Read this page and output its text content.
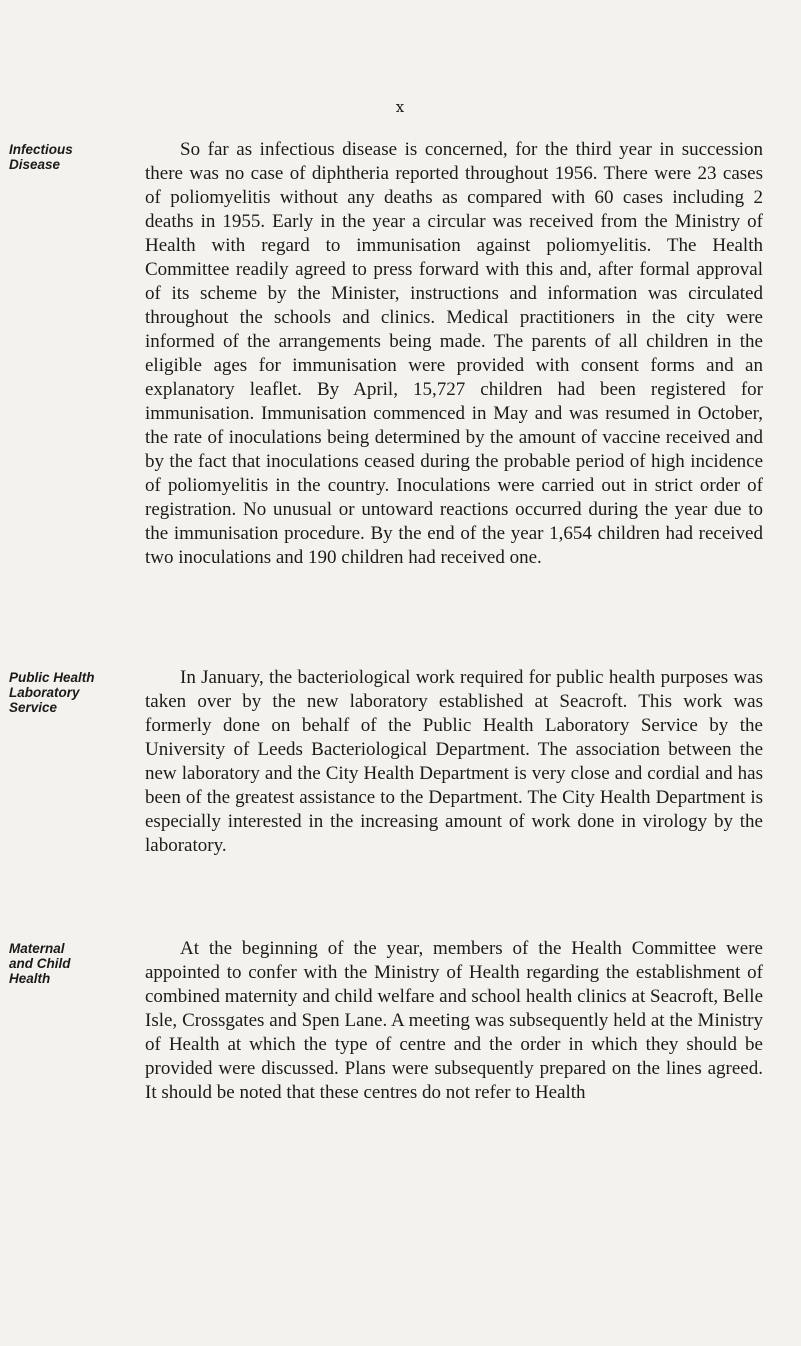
x
Infectious
Disease

So far as infectious disease is concerned, for the third year in succession there was no case of diphtheria reported throughout 1956. There were 23 cases of poliomyelitis without any deaths as compared with 60 cases including 2 deaths in 1955. Early in the year a circular was received from the Ministry of Health with regard to immunisation against poliomyelitis. The Health Committee readily agreed to press forward with this and, after formal approval of its scheme by the Minister, instructions and information was circulated throughout the schools and clinics. Medical practitioners in the city were informed of the arrangements being made. The parents of all children in the eligible ages for immunisation were provided with consent forms and an explanatory leaflet. By April, 15,727 children had been registered for immunisation. Immunisation commenced in May and was resumed in October, the rate of inoculations being determined by the amount of vaccine received and by the fact that inoculations ceased during the probable period of high incidence of poliomyelitis in the country. Inoculations were carried out in strict order of registration. No unusual or untoward reactions occurred during the year due to the immunisation procedure. By the end of the year 1,654 children had received two inoculations and 190 children had received one.

Public Health
Laboratory
Service

In January, the bacteriological work required for public health purposes was taken over by the new laboratory established at Seacroft. This work was formerly done on behalf of the Public Health Laboratory Service by the University of Leeds Bacteriological Department. The association between the new laboratory and the City Health Department is very close and cordial and has been of the greatest assistance to the Department. The City Health Department is especially interested in the increasing amount of work done in virology by the laboratory.

Maternal
and Child
Health

At the beginning of the year, members of the Health Committee were appointed to confer with the Ministry of Health regarding the establishment of combined maternity and child welfare and school health clinics at Seacroft, Belle Isle, Crossgates and Spen Lane. A meeting was subsequently held at the Ministry of Health at which the type of centre and the order in which they should be provided were discussed. Plans were subsequently prepared on the lines agreed. It should be noted that these centres do not refer to Health
